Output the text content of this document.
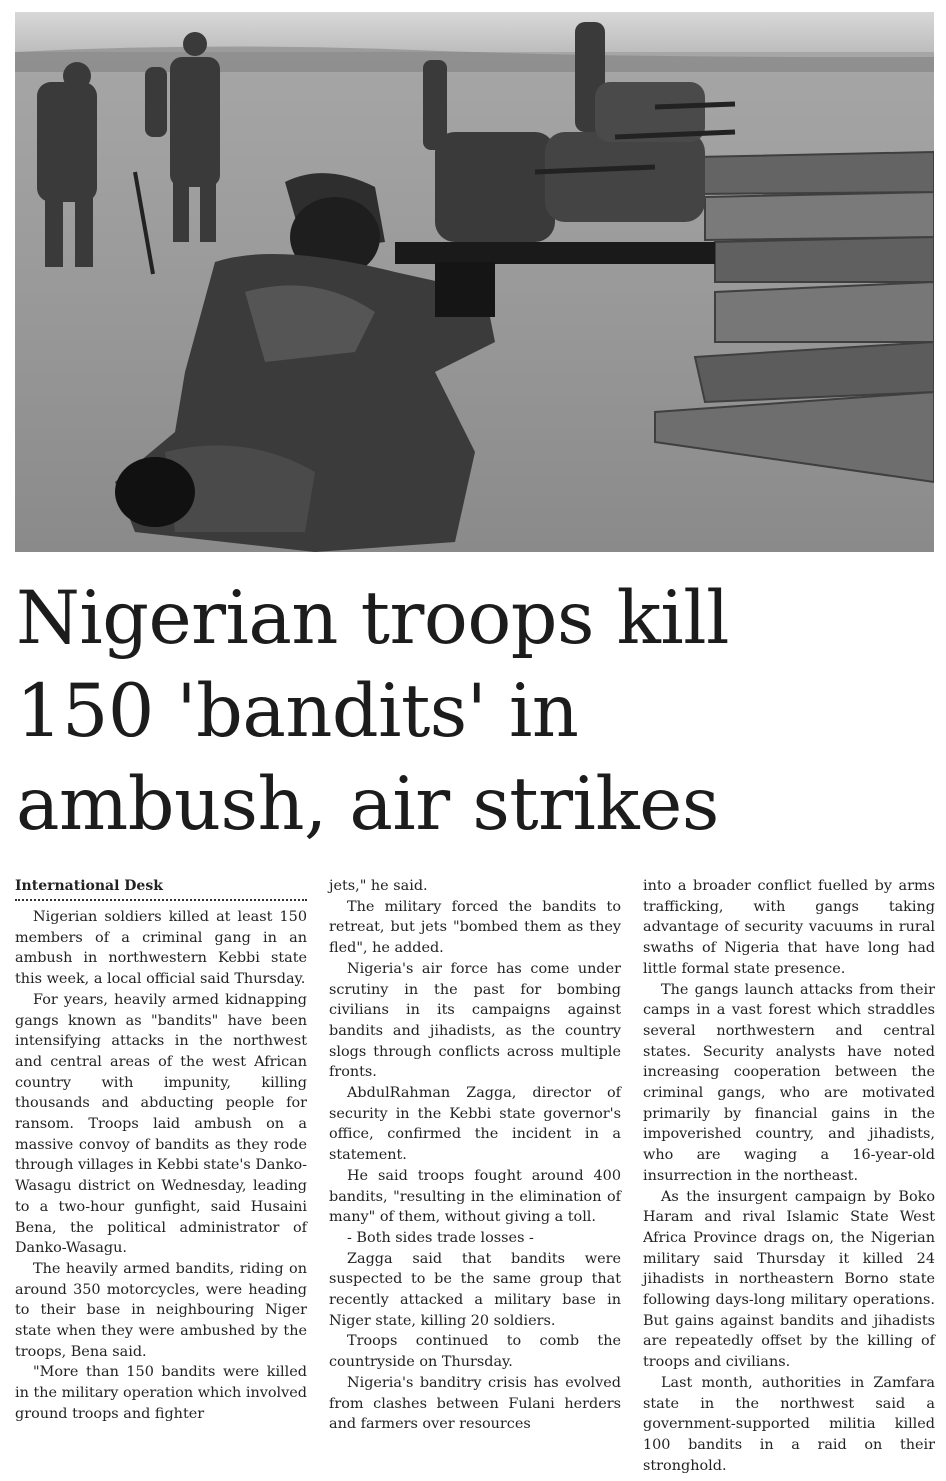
Nigerian troops kill
150 'bandits' in
ambush, air strikes
International Desk

Nigerian soldiers killed at least 150 members of a criminal gang in an ambush in northwestern Kebbi state this week, a local official said Thursday.

For years, heavily armed kidnapping gangs known as "bandits" have been intensifying attacks in the northwest and central areas of the west African country with impunity, killing thousands and abducting people for ransom. Troops laid ambush on a massive convoy of bandits as they rode through villages in Kebbi state's Danko-Wasagu district on Wednesday, leading to a two-hour gunfight, said Husaini Bena, the political administrator of Danko-Wasagu.

The heavily armed bandits, riding on around 350 motorcycles, were heading to their base in neighbouring Niger state when they were ambushed by the troops, Bena said.

"More than 150 bandits were killed in the military operation which involved ground troops and fighter

jets," he said.

The military forced the bandits to retreat, but jets "bombed them as they fled", he added.

Nigeria's air force has come under scrutiny in the past for bombing civilians in its campaigns against bandits and jihadists, as the country slogs through conflicts across multiple fronts.

AbdulRahman Zagga, director of security in the Kebbi state governor's office, confirmed the incident in a statement.

He said troops fought around 400 bandits, "resulting in the elimination of many" of them, without giving a toll.

- Both sides trade losses -

Zagga said that bandits were suspected to be the same group that recently attacked a military base in Niger state, killing 20 soldiers.

Troops continued to comb the countryside on Thursday.

Nigeria's banditry crisis has evolved from clashes between Fulani herders and farmers over resources

into a broader conflict fuelled by arms trafficking, with gangs taking advantage of security vacuums in rural swaths of Nigeria that have long had little formal state presence.

The gangs launch attacks from their camps in a vast forest which straddles several northwestern and central states. Security analysts have noted increasing cooperation between the criminal gangs, who are motivated primarily by financial gains in the impoverished country, and jihadists, who are waging a 16-year-old insurrection in the northeast.

As the insurgent campaign by Boko Haram and rival Islamic State West Africa Province drags on, the Nigerian military said Thursday it killed 24 jihadists in northeastern Borno state following days-long military operations. But gains against bandits and jihadists are repeatedly offset by the killing of troops and civilians.

Last month, authorities in Zamfara state in the northwest said a government-supported militia killed 100 bandits in a raid on their stronghold.
